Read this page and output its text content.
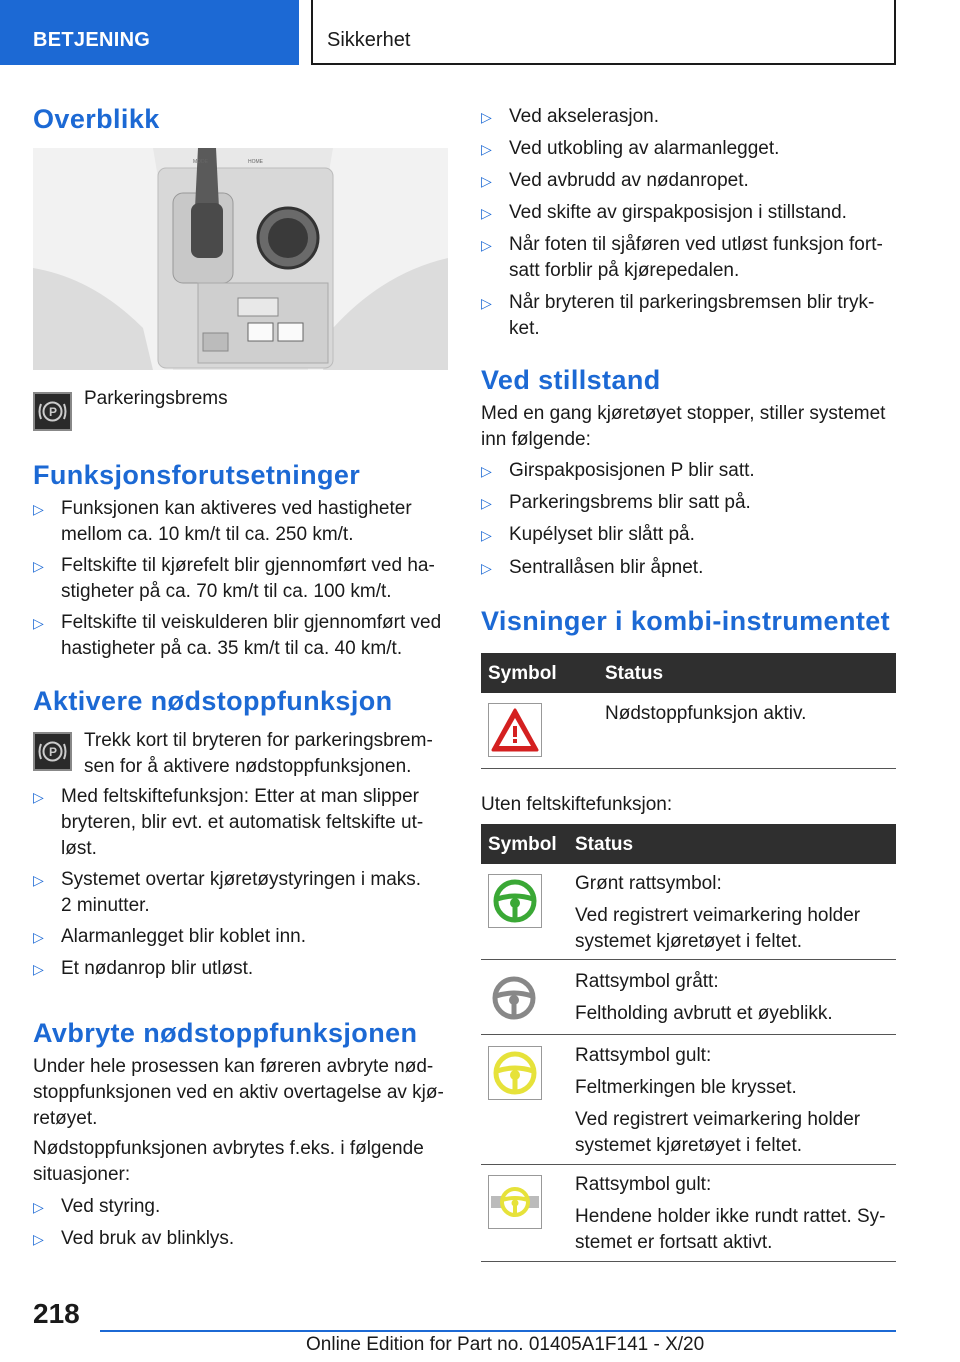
BETJENING	Sikkerhet
Overblikk
MODE	HOME
P
Parkeringsbrems
Funksjonsforutsetninger
▷ Funksjonen kan aktiveres ved hastigheter
mellom ca. 10 km/t til ca. 250 km/t.
▷ Feltskifte til kjørefelt blir gjennomført ved ha-
stigheter på ca. 70 km/t til ca. 100 km/t.
▷ Feltskifte til veiskulderen blir gjennomført ved
hastigheter på ca. 35 km/t til ca. 40 km/t.
Aktivere nødstoppfunksjon
P
Trekk kort til bryteren for parkeringsbrem-
sen for å aktivere nødstoppfunksjonen.
▷ Med feltskiftefunksjon: Etter at man slipper
bryteren, blir evt. et automatisk feltskifte ut-
løst.
▷ Systemet overtar kjøretøystyringen i maks.
2 minutter.
▷ Alarmanlegget blir koblet inn.
▷ Et nødanrop blir utløst.
Avbryte nødstoppfunksjonen
Under hele prosessen kan føreren avbryte nød-
stoppfunksjonen ved en aktiv overtagelse av kjø-
retøyet.
Nødstoppfunksjonen avbrytes f.eks. i følgende
situasjoner:
▷ Ved styring.
▷ Ved bruk av blinklys.
▷ Ved akselerasjon.
▷ Ved utkobling av alarmanlegget.
▷ Ved avbrudd av nødanropet.
▷ Ved skifte av girspakposisjon i stillstand.
▷ Når foten til sjåføren ved utløst funksjon fort-
satt forblir på kjørepedalen.
▷ Når bryteren til parkeringsbremsen blir tryk-
ket.
Ved stillstand
Med en gang kjøretøyet stopper, stiller systemet
inn følgende:
▷ Girspakposisjonen P blir satt.
▷ Parkeringsbrems blir satt på.
▷ Kupélyset blir slått på.
▷ Sentrallåsen blir åpnet.
Visninger i kombi-instrumentet
Symbol	Status
Nødstoppfunksjon aktiv.
Uten feltskiftefunksjon:
Symbol Status
Grønt rattsymbol:
Ved registrert veimarkering holder
systemet kjøretøyet i feltet.
Rattsymbol grått:
Feltholding avbrutt et øyeblikk.
Rattsymbol gult:
Feltmerkingen ble krysset.
Ved registrert veimarkering holder
systemet kjøretøyet i feltet.
Rattsymbol gult:
Hendene holder ikke rundt rattet. Sy-
stemet er fortsatt aktivt.
218
Online Edition for Part no. 01405A1F141 - X/20
